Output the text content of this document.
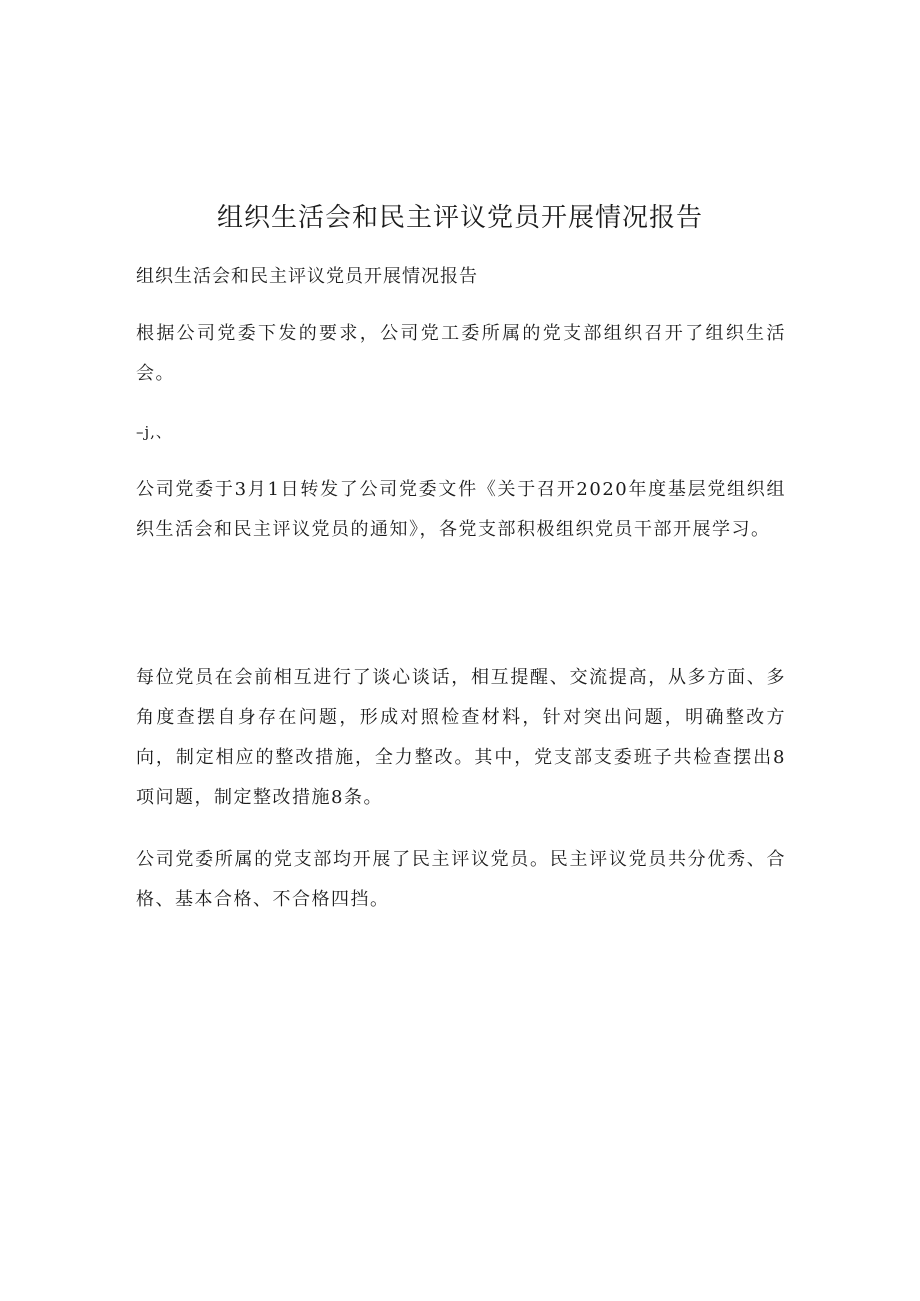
组织生活会和民主评议党员开展情况报告
组织生活会和民主评议党员开展情况报告
根据公司党委下发的要求，公司党工委所属的党支部组织召开了组织生活会。
–j,、
公司党委于3月1日转发了公司党委文件《关于召开2020年度基层党组织组织生活会和民主评议党员的通知》，各党支部积极组织党员干部开展学习。
每位党员在会前相互进行了谈心谈话，相互提醒、交流提高，从多方面、多角度查摆自身存在问题，形成对照检查材料，针对突出问题，明确整改方向，制定相应的整改措施，全力整改。其中，党支部支委班子共检查摆出8项问题，制定整改措施8条。
公司党委所属的党支部均开展了民主评议党员。民主评议党员共分优秀、合格、基本合格、不合格四挡。
